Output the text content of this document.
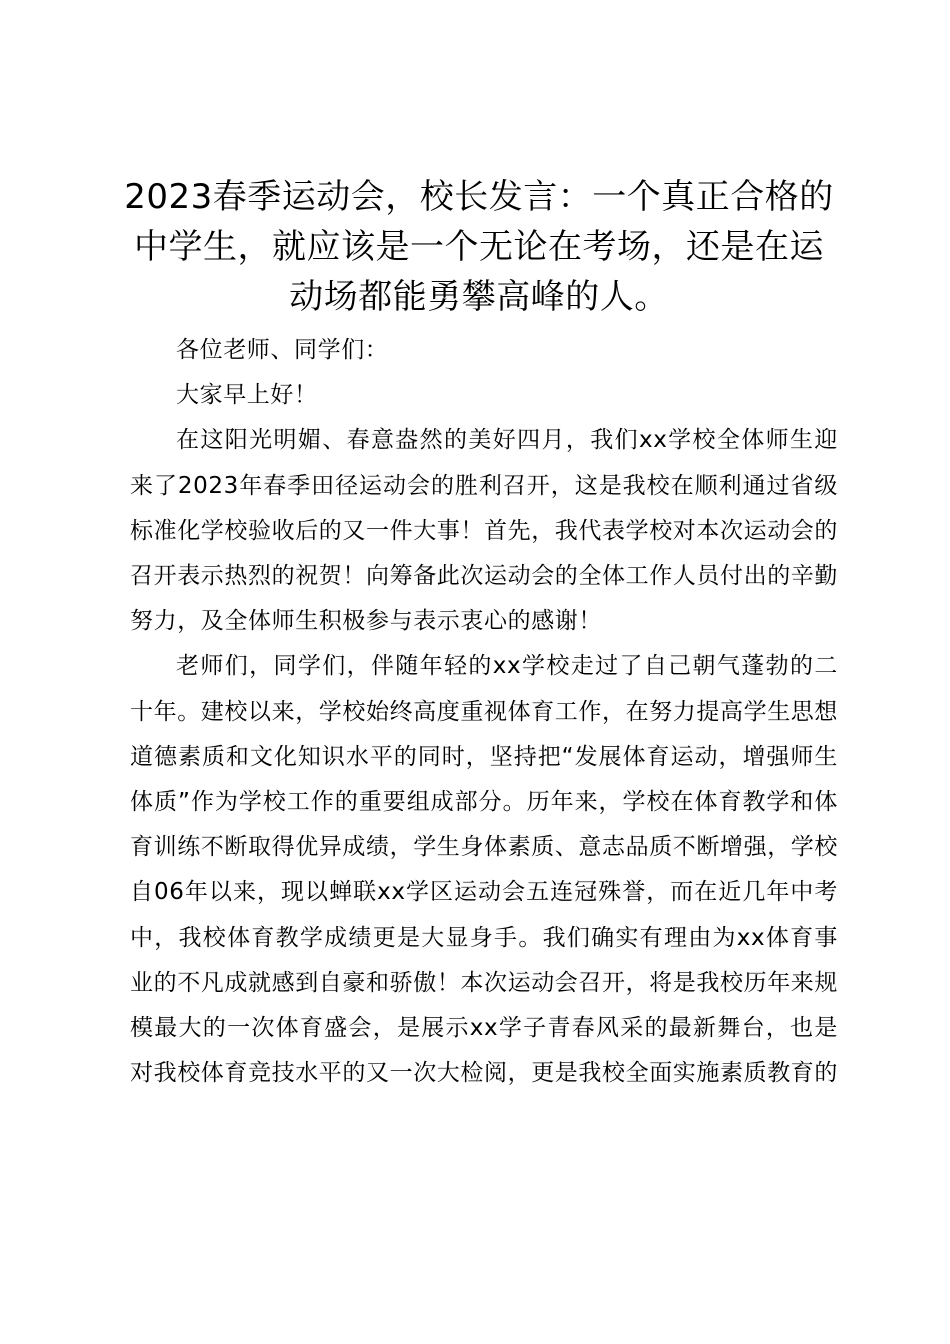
2023春季运动会，校长发言：一个真正合格的中学生，就应该是一个无论在考场，还是在运动场都能勇攀高峰的人。

各位老师、同学们：

大家早上好！

在这阳光明媚、春意盎然的美好四月，我们xx学校全体师生迎来了2023年春季田径运动会的胜利召开，这是我校在顺利通过省级标准化学校验收后的又一件大事！首先，我代表学校对本次运动会的召开表示热烈的祝贺！向筹备此次运动会的全体工作人员付出的辛勤努力，及全体师生积极参与表示衷心的感谢！

老师们，同学们，伴随年轻的xx学校走过了自己朝气蓬勃的二十年。建校以来，学校始终高度重视体育工作，在努力提高学生思想道德素质和文化知识水平的同时，坚持把“发展体育运动，增强师生体质”作为学校工作的重要组成部分。历年来，学校在体育教学和体育训练不断取得优异成绩，学生身体素质、意志品质不断增强，学校自06年以来，现以蝉联xx学区运动会五连冠殊誉，而在近几年中考中，我校体育教学成绩更是大显身手。我们确实有理由为xx体育事业的不凡成就感到自豪和骄傲！本次运动会召开，将是我校历年来规模最大的一次体育盛会，是展示xx学子青春风采的最新舞台，也是对我校体育竞技水平的又一次大检阅，更是我校全面实施素质教育的
